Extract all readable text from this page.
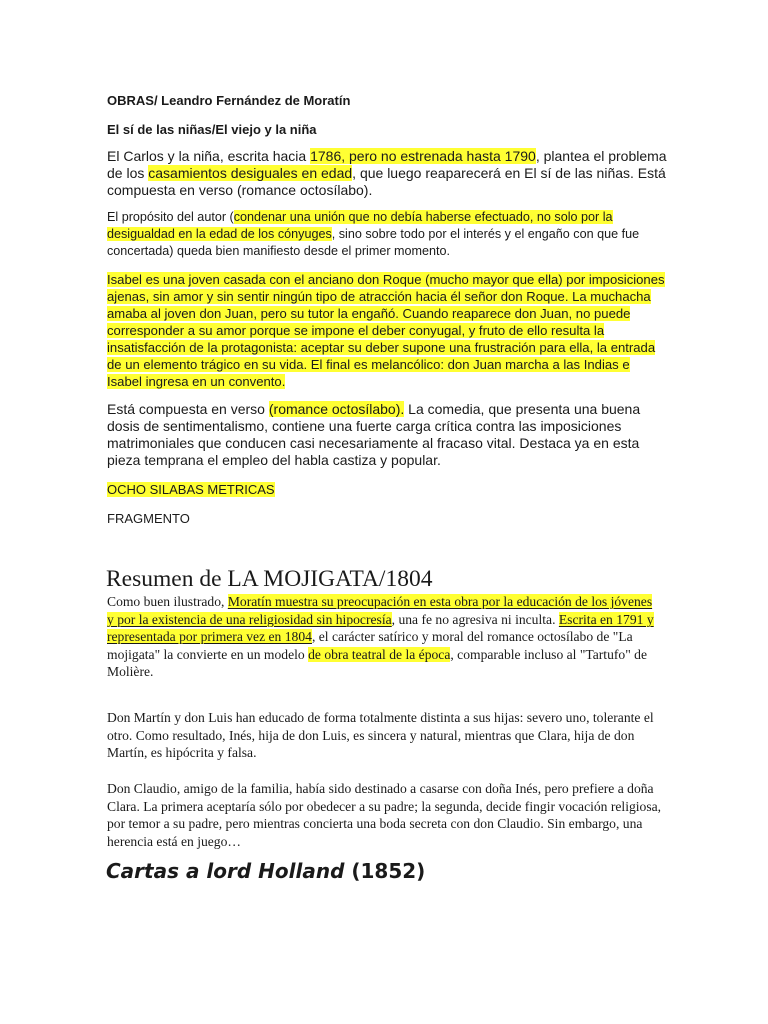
OBRAS/ Leandro Fernández de Moratín

El sí de las niñas/El viejo y la niña

El Carlos y la niña, escrita hacia 1786, pero no estrenada hasta 1790, plantea el problema de los casamientos desiguales en edad, que luego reaparecerá en El sí de las niñas. Está compuesta en verso (romance octosílabo).

El propósito del autor (condenar una unión que no debía haberse efectuado, no solo por la desigualdad en la edad de los cónyuges, sino sobre todo por el interés y el engaño con que fue concertada) queda bien manifiesto desde el primer momento.

Isabel es una joven casada con el anciano don Roque (mucho mayor que ella) por imposiciones ajenas, sin amor y sin sentir ningún tipo de atracción hacia él señor don Roque. La muchacha amaba al joven don Juan, pero su tutor la engañó. Cuando reaparece don Juan, no puede corresponder a su amor porque se impone el deber conyugal, y fruto de ello resulta la insatisfacción de la protagonista: aceptar su deber supone una frustración para ella, la entrada de un elemento trágico en su vida. El final es melancólico: don Juan marcha a las Indias e Isabel ingresa en un convento.

Está compuesta en verso (romance octosílabo). La comedia, que presenta una buena dosis de sentimentalismo, contiene una fuerte carga crítica contra las imposiciones matrimoniales que conducen casi necesariamente al fracaso vital. Destaca ya en esta pieza temprana el empleo del habla castiza y popular.

OCHO SILABAS METRICAS

FRAGMENTO

Resumen de LA MOJIGATA/1804

Como buen ilustrado, Moratín muestra su preocupación en esta obra por la educación de los jóvenes y por la existencia de una religiosidad sin hipocresía, una fe no agresiva ni inculta. Escrita en 1791 y representada por primera vez en 1804, el carácter satírico y moral del romance octosílabo de "La mojigata" la convierte en un modelo de obra teatral de la época, comparable incluso al "Tartufo" de Molière.

Don Martín y don Luis han educado de forma totalmente distinta a sus hijas: severo uno, tolerante el otro. Como resultado, Inés, hija de don Luis, es sincera y natural, mientras que Clara, hija de don Martín, es hipócrita y falsa.

Don Claudio, amigo de la familia, había sido destinado a casarse con doña Inés, pero prefiere a doña Clara. La primera aceptaría sólo por obedecer a su padre; la segunda, decide fingir vocación religiosa, por temor a su padre, pero mientras concierta una boda secreta con don Claudio. Sin embargo, una herencia está en juego…

Cartas a lord Holland (1852)
